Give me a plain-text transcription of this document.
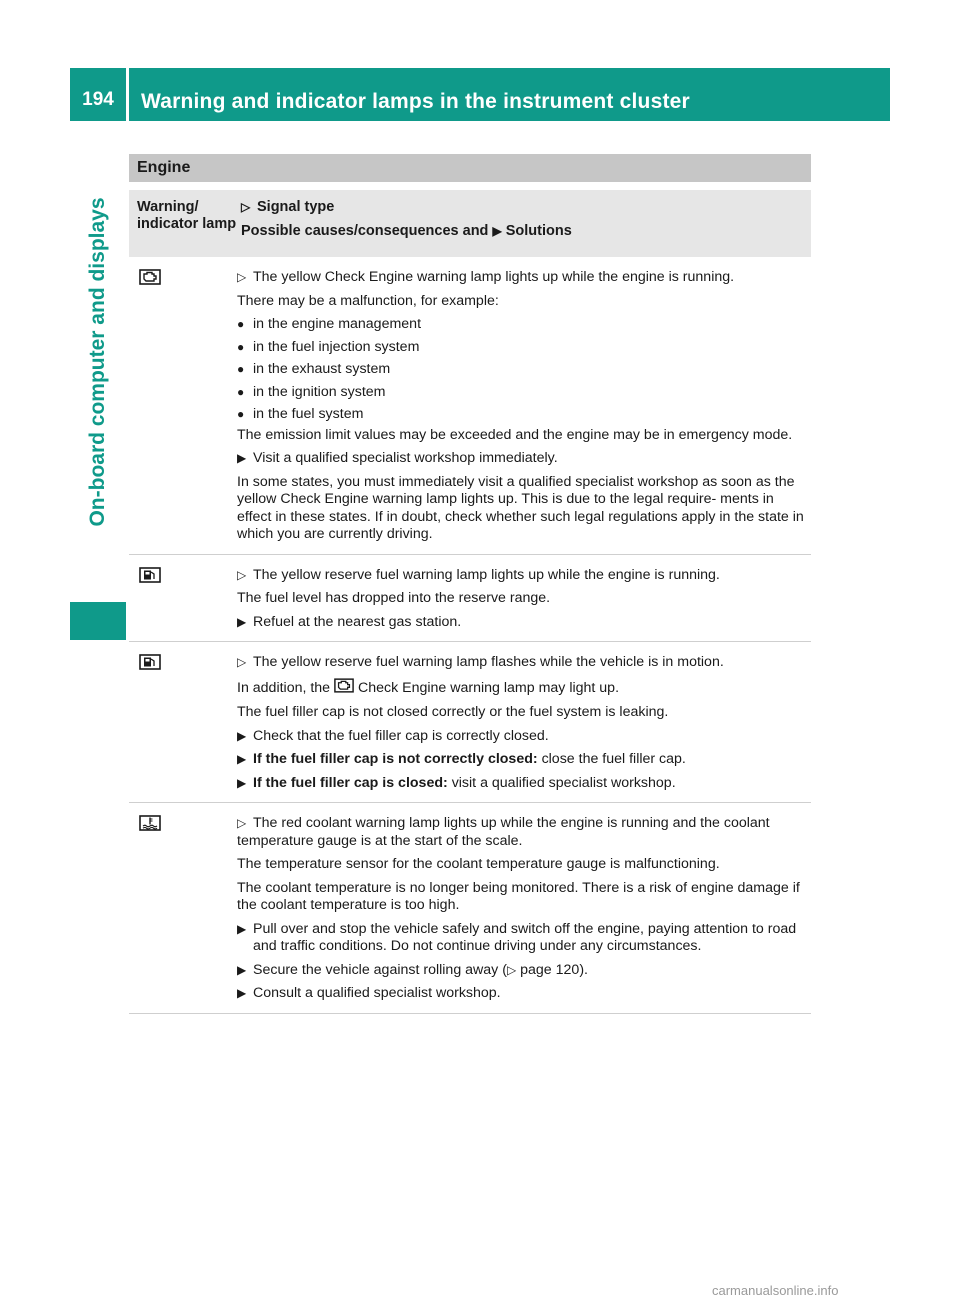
194	Warning and indicator lamps in the instrument cluster
On-board computer and displays
Engine
Warning/ indicator lamp
▷ Signal type
Possible causes/consequences and ▶ Solutions
▷ The yellow Check Engine warning lamp lights up while the engine is running.
There may be a malfunction, for example:
● in the engine management
● in the fuel injection system
● in the exhaust system
● in the ignition system
● in the fuel system
The emission limit values may be exceeded and the engine may be in emergency mode.
▶ Visit a qualified specialist workshop immediately.
In some states, you must immediately visit a qualified specialist workshop as soon as the yellow Check Engine warning lamp lights up. This is due to the legal require- ments in effect in these states. If in doubt, check whether such legal regulations apply in the state in which you are currently driving.
▷ The yellow reserve fuel warning lamp lights up while the engine is running.
The fuel level has dropped into the reserve range.
▶ Refuel at the nearest gas station.
▷ The yellow reserve fuel warning lamp flashes while the vehicle is in motion.
In addition, the Check Engine warning lamp may light up.
The fuel filler cap is not closed correctly or the fuel system is leaking.
▶ Check that the fuel filler cap is correctly closed.
▶ If the fuel filler cap is not correctly closed: close the fuel filler cap.
▶ If the fuel filler cap is closed: visit a qualified specialist workshop.
▷ The red coolant warning lamp lights up while the engine is running and the coolant temperature gauge is at the start of the scale.
The temperature sensor for the coolant temperature gauge is malfunctioning.
The coolant temperature is no longer being monitored. There is a risk of engine damage if the coolant temperature is too high.
▶ Pull over and stop the vehicle safely and switch off the engine, paying attention to road and traffic conditions. Do not continue driving under any circumstances.
▶ Secure the vehicle against rolling away (▷ page 120).
▶ Consult a qualified specialist workshop.
carmanualsonline.info
